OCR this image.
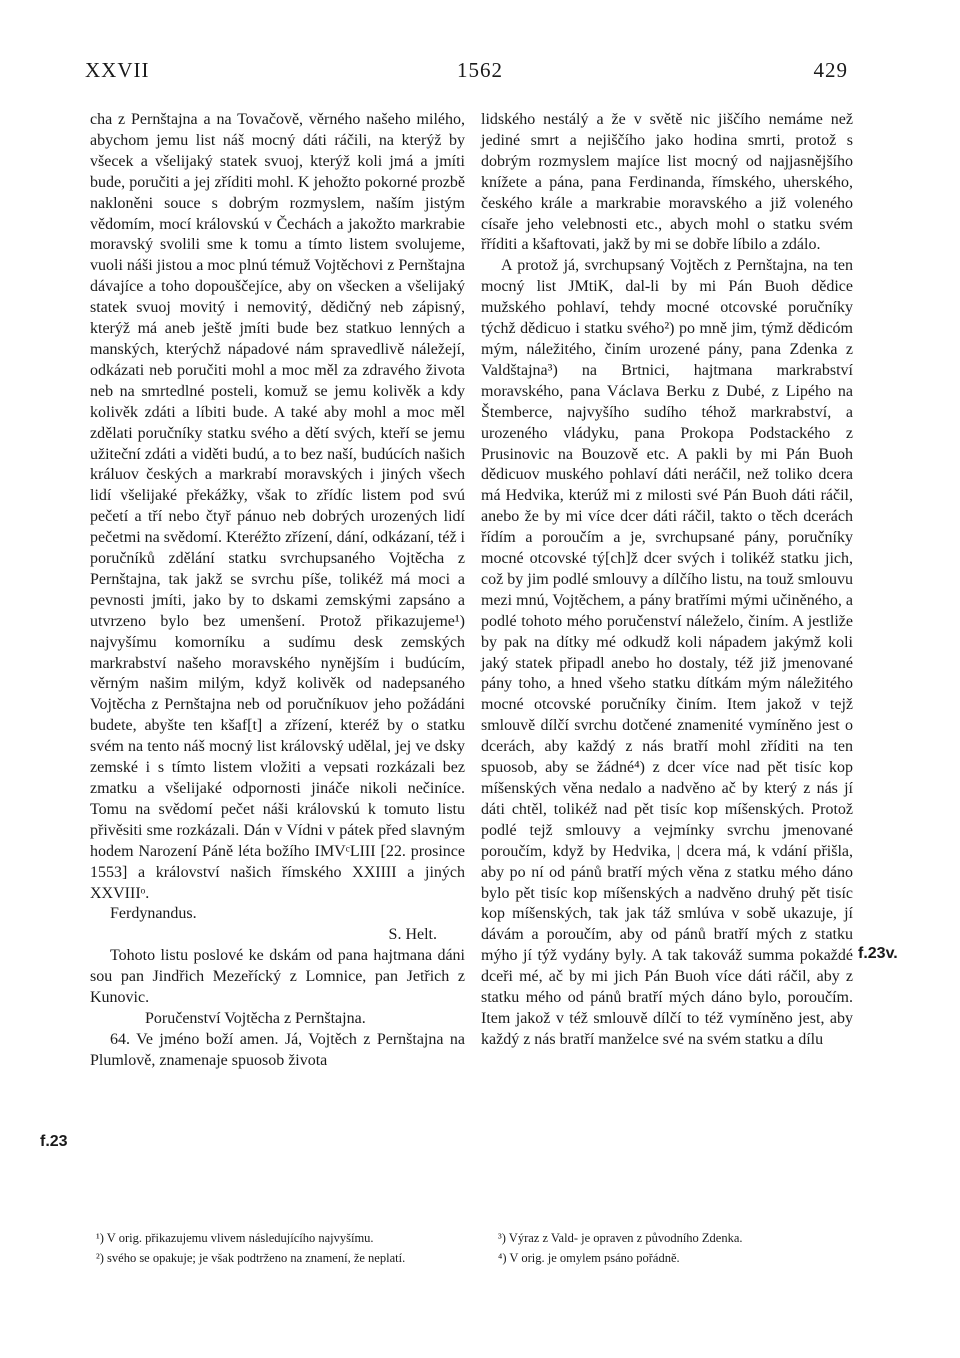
XXVII	1562	429

cha z Pernštajna a na Tovačově, věrného našeho milého, abychom jemu list náš mocný dáti ráčili, na kterýž by všecek a všelijaký statek svuoj, kterýž koli jmá a jmíti bude, poručiti a jej zříditi mohl. K jehožto pokorné prozbě nakloněni souce s dobrým rozmyslem, naším jistým vědomím, mocí královskú v Čechách a jakožto markrabie moravský svolili sme k tomu a tímto listem svolujeme, vuoli náši jistou a moc plnú témuž Vojtěchovi z Pernštajna dávajíce a toho dopouščejíce, aby on všecken a všelijaký statek svuoj movitý i nemovitý, dědičný neb zápisný, kterýž má aneb ještě jmíti bude bez statkuo lenných a manských, kterýchž nápadové nám spravedlivě náležejí, odkázati neb poručiti mohl a moc měl za zdravého života neb na smrtedlné posteli, komuž se jemu kolivěk a kdy kolivěk zdáti a líbiti bude. A také aby mohl a moc měl zdělati poručníky statku svého a dětí svých, kteří se jemu užiteční zdáti a viděti budú, a to bez naší, budúcích našich králuov českých a markrabí moravských i jiných všech lidí všelijaké překážky, však to zřídíc listem pod svú pečetí a tří nebo čtyř pánuo neb dobrých urozených lidí pečetmi na svědomí. Kteréžto zřízení, dání, odkázaní, též i poručníků zdělání statku svrchupsaného Vojtěcha z Pernštajna, tak jakž se svrchu píše, tolikéž má moci a pevnosti jmíti, jako by to dskami zemskými zapsáno a utvrzeno bylo bez umenšení. Protož přikazujeme¹) najvyšímu komorníku a sudímu desk zemských markrabství našeho moravského nynějším i budúcím, věrným našim milým, když kolivěk od nadepsaného Vojtěcha z Pernštajna neb od poručníkuov jeho požádáni budete, abyšte ten kšaf[t] a zřízení, kteréž by o statku svém na tento náš mocný list královský udělal, jej ve dsky zemské i s tímto listem vložiti a vepsati rozkázali bez zmatku a všelijaké odpornosti jináče nikoli nečiníce. Tomu na svědomí pečet náši královskú k tomuto listu přivěsiti sme rozkázali. Dán v Vídni v pátek před slavným hodem Narození Páně léta božího IMVᶜLIII [22. prosince 1553] a království našich římského XXIIII a jiných XXVIIIᵒ.

Ferdynandus.

S. Helt.

Tohoto listu poslové ke dskám od pana hajtmana dáni sou pan Jindřich Mezeřícký z Lomnice, pan Jetřich z Kunovic.

Poručenství Vojtěcha z Pernštajna.

64. Ve jméno boží amen. Já, Vojtěch z Pernštajna na Plumlově, znamenaje spuosob života

lidského nestálý a že v světě nic jiščího nemáme než jediné smrt a nejiščího jako hodina smrti, protož s dobrým rozmyslem majíce list mocný od najjasnějšího knížete a pána, pana Ferdinanda, římského, uherského, českého krále a markrabie moravského a již voleného císaře jeho velebnosti etc., abych mohl o statku svém řříditi a kšaftovati, jakž by mi se dobře líbilo a zdálo.

A protož já, svrchupsaný Vojtěch z Pernštajna, na ten mocný list JMtiK, dal-li by mi Pán Buoh dědice mužského pohlaví, tehdy mocné otcovské poručníky týchž dědicuo i statku svého²) po mně jim, týmž dědicóm mým, náležitého, činím urozené pány, pana Zdenka z Valdštajna³) na Brtnici, hajtmana markrabství moravského, pana Václava Berku z Dubé, z Lipého na Štemberce, najvyšího sudího téhož markrabství, a urozeného vládyku, pana Prokopa Podstackého z Prusinovic na Bouzově etc. A pakli by mi Pán Buoh dědicuov muského pohlaví dáti neráčil, než toliko dcera má Hedvika, kterúž mi z milosti své Pán Buoh dáti ráčil, anebo že by mi více dcer dáti ráčil, takto o těch dcerách řídím a poroučím a je, svrchupsané pány, poručníky mocné otcovské tý[ch]ž dcer svých i tolikéž statku jich, což by jim podlé smlouvy a dílčího listu, na touž smlouvu mezi mnú, Vojtěchem, a pány bratřími mými učiněného, a podlé tohoto mého poručenství náleželo, činím. A jestliže by pak na dítky mé odkudž koli nápadem jakýmž koli jaký statek připadl anebo ho dostaly, též již jmenované pány toho, a hned všeho statku dítkám mým náležitého mocné otcovské poručníky činím. Item jakož v tejž smlouvě dílčí svrchu dotčené znamenité vymíněno jest o dcerách, aby každý z nás bratří mohl zříditi na ten spuosob, aby se žádné⁴) z dcer více nad pět tisíc kop míšenských věna nedalo a nadvěno ač by který z nás jí dáti chtěl, tolikéž nad pět tisíc kop míšenských. Protož podlé tejž smlouvy a vejmínky svrchu jmenované poroučím, když by Hedvika, | dcera má, k vdání přišla, aby po ní od pánů bratří mých věna z statku mého dáno bylo pět tisíc kop míšenských a nadvěno druhý pět tisíc kop míšenských, tak jak táž smlúva v sobě ukazuje, jí dávám a poroučím, aby od pánů bratří mých z statku mýho jí týž vydány byly. A tak takováž summa pokaždé dceři mé, ač by mi jich Pán Buoh více dáti ráčil, aby z statku mého od pánů bratří mých dáno bylo, poroučím. Item jakož v též smlouvě dílčí to též vymíněno jest, aby každý z nás bratří manželce své na svém statku a dílu

f.23
f.23v.

¹) V orig. přikazujemu vlivem následujícího najvyšímu.

²) svého se opakuje; je však podtrženo na znamení, že neplatí.

³) Výraz z Vald- je opraven z původního Zdenka.

⁴) V orig. je omylem psáno pořádně.
